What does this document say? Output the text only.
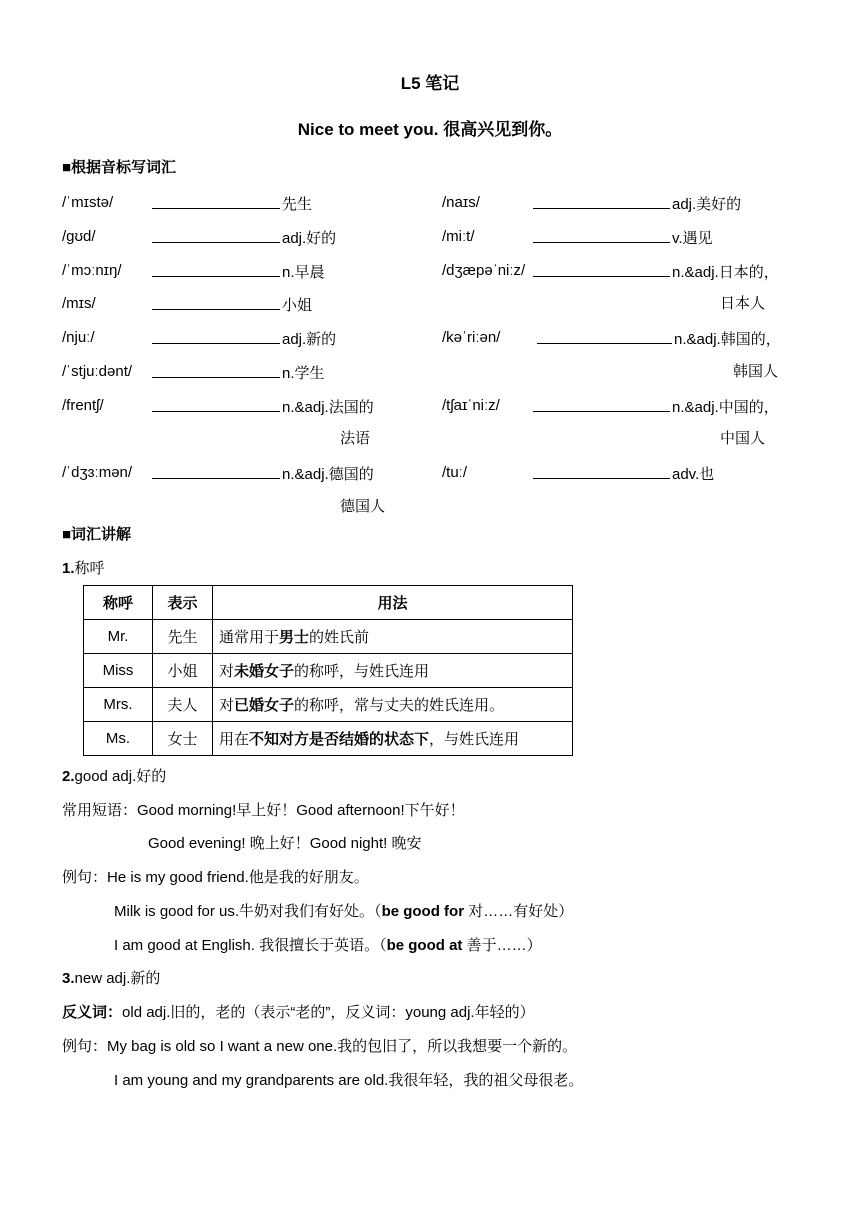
L5 笔记
Nice to meet you. 很高兴见到你。
■根据音标写词汇
/ˈmɪstə/	先生
/ɡʊd/	adj.好的
/ˈmɔːnɪŋ/	n.早晨
/mɪs/	小姐
/njuː/	adj.新的
/ˈstjuːdənt/	n.学生
/frentʃ/	n.&adj.法国的
法语
/ˈdʒɜːmən/	n.&adj.德国的
德国人
/naɪs/	adj.美好的
/miːt/	v.遇见
/dʒæpəˈniːz/	n.&adj.日本的，
日本人
/kəˈriːən/	n.&adj.韩国的，
韩国人
/tʃaɪˈniːz/	n.&adj.中国的，
中国人
/tuː/	adv.也
■词汇讲解
1.称呼
称呼	表示	用法
Mr.	先生	通常用于男士的姓氏前
Miss	小姐	对未婚女子的称呼，与姓氏连用
Mrs.	夫人	对已婚女子的称呼，常与丈夫的姓氏连用。
Ms.	女士	用在不知对方是否结婚的状态下，与姓氏连用
2.good adj.好的
常用短语：Good morning!早上好！Good afternoon!下午好！
Good evening! 晚上好！Good night! 晚安
例句：He is my good friend.他是我的好朋友。
Milk is good for us.牛奶对我们有好处。（be good for 对……有好处）
I am good at English. 我很擅长于英语。（be good at 善于……）
3.new adj.新的
反义词：old adj.旧的，老的（表示“老的”，反义词：young adj.年轻的）
例句：My bag is old so I want a new one.我的包旧了，所以我想要一个新的。
I am young and my grandparents are old.我很年轻，我的祖父母很老。
